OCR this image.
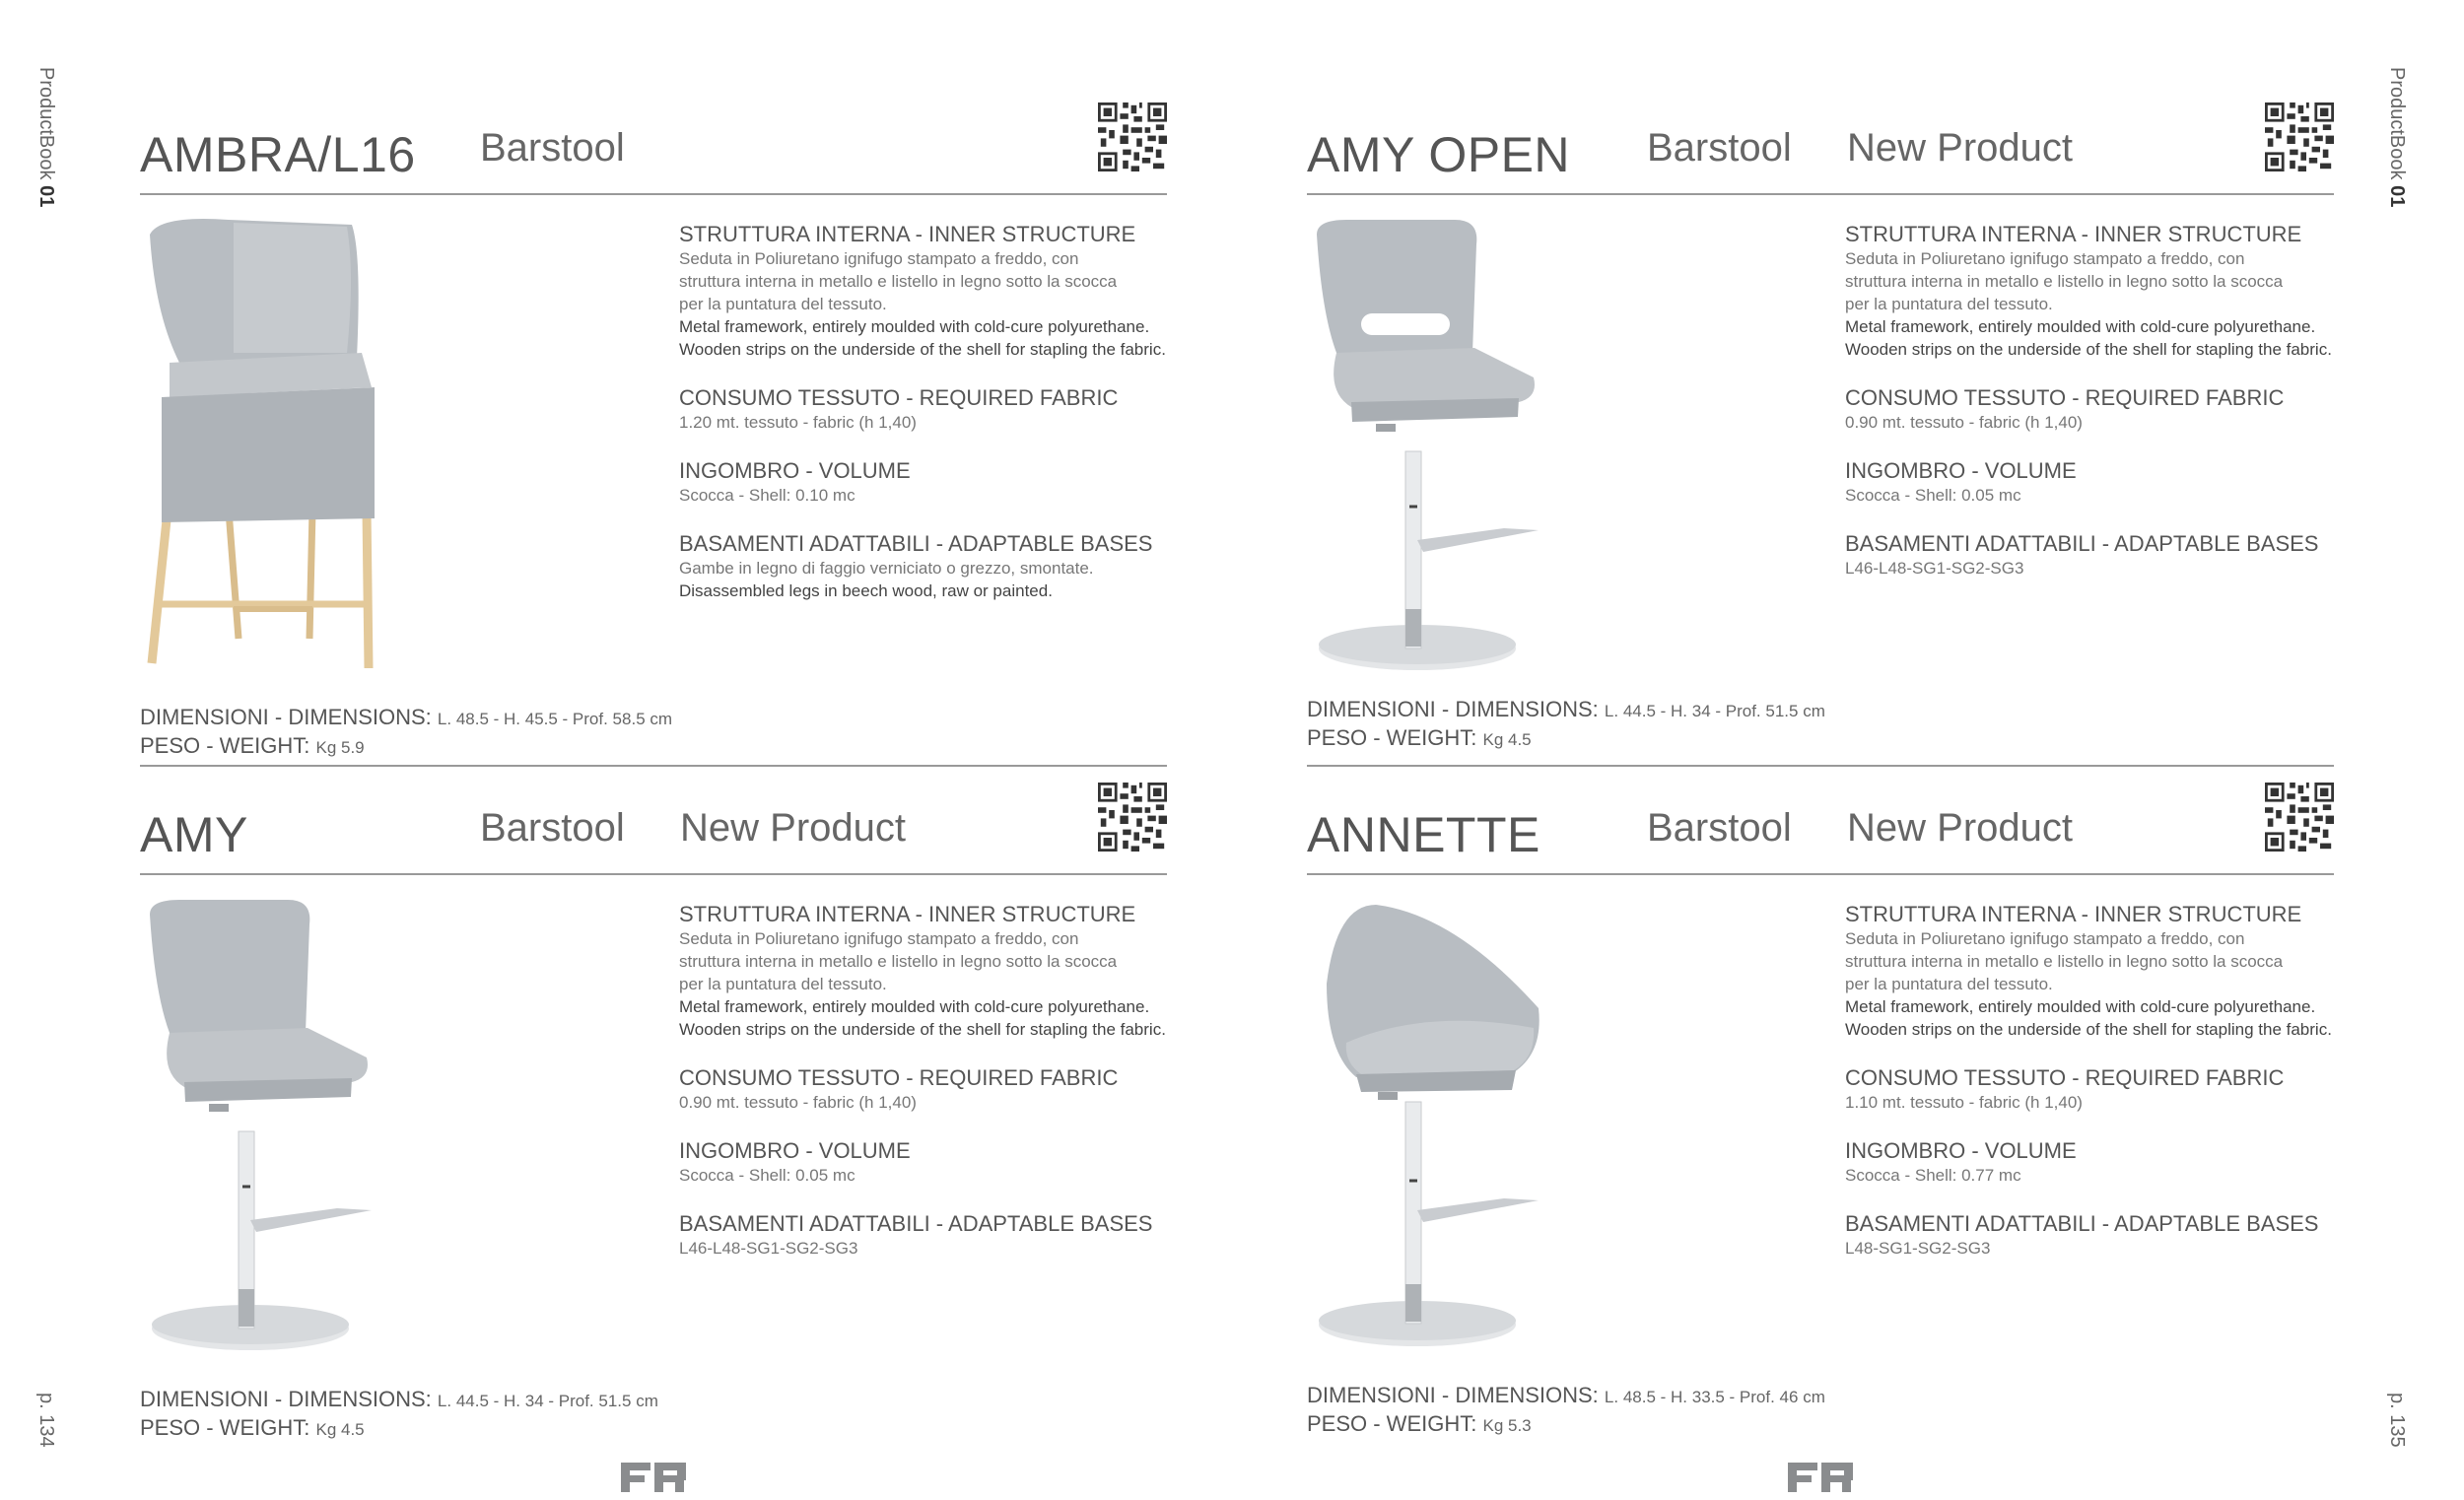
ProductBook 01
ProductBook 01
p. 134	p. 135
AMBRA/L16 Barstool
STRUTTURA INTERNA - INNER STRUCTURE
Seduta in Poliuretano ignifugo stampato a freddo, con
struttura interna in metallo e listello in legno sotto la scocca
per la puntatura del tessuto.
Metal framework, entirely moulded with cold-cure polyurethane.
Wooden strips on the underside of the shell for stapling the fabric.
CONSUMO TESSUTO - REQUIRED FABRIC
1.20 mt. tessuto - fabric (h 1,40)
INGOMBRO - VOLUME
Scocca - Shell: 0.10 mc
BASAMENTI ADATTABILI - ADAPTABLE BASES
Gambe in legno di faggio verniciato o grezzo, smontate.
Disassembled legs in beech wood, raw or painted.
DIMENSIONI - DIMENSIONS: L. 48.5 - H. 45.5 - Prof. 58.5 cm
PESO - WEIGHT: Kg 5.9
AMY OPEN Barstool New Product
STRUTTURA INTERNA - INNER STRUCTURE
Seduta in Poliuretano ignifugo stampato a freddo, con
struttura interna in metallo e listello in legno sotto la scocca
per la puntatura del tessuto.
Metal framework, entirely moulded with cold-cure polyurethane.
Wooden strips on the underside of the shell for stapling the fabric.
CONSUMO TESSUTO - REQUIRED FABRIC
0.90 mt. tessuto - fabric (h 1,40)
INGOMBRO - VOLUME
Scocca - Shell: 0.05 mc
BASAMENTI ADATTABILI - ADAPTABLE BASES
L46-L48-SG1-SG2-SG3
DIMENSIONI - DIMENSIONS: L. 44.5 - H. 34 - Prof. 51.5 cm
PESO - WEIGHT: Kg 4.5
AMY	Barstool New Product
STRUTTURA INTERNA - INNER STRUCTURE
Seduta in Poliuretano ignifugo stampato a freddo, con
struttura interna in metallo e listello in legno sotto la scocca
per la puntatura del tessuto.
Metal framework, entirely moulded with cold-cure polyurethane.
Wooden strips on the underside of the shell for stapling the fabric.
CONSUMO TESSUTO - REQUIRED FABRIC
0.90 mt. tessuto - fabric (h 1,40)
INGOMBRO - VOLUME
Scocca - Shell: 0.05 mc
BASAMENTI ADATTABILI - ADAPTABLE BASES
L46-L48-SG1-SG2-SG3
DIMENSIONI - DIMENSIONS: L. 44.5 - H. 34 - Prof. 51.5 cm
PESO - WEIGHT: Kg 4.5
ANNETTE	Barstool New Product
STRUTTURA INTERNA - INNER STRUCTURE
Seduta in Poliuretano ignifugo stampato a freddo, con
struttura interna in metallo e listello in legno sotto la scocca
per la puntatura del tessuto.
Metal framework, entirely moulded with cold-cure polyurethane.
Wooden strips on the underside of the shell for stapling the fabric.
CONSUMO TESSUTO - REQUIRED FABRIC
1.10 mt. tessuto - fabric (h 1,40)
INGOMBRO - VOLUME
Scocca - Shell: 0.77 mc
BASAMENTI ADATTABILI - ADAPTABLE BASES
L48-SG1-SG2-SG3
DIMENSIONI - DIMENSIONS: L. 48.5 - H. 33.5 - Prof. 46 cm
PESO - WEIGHT: Kg 5.3
